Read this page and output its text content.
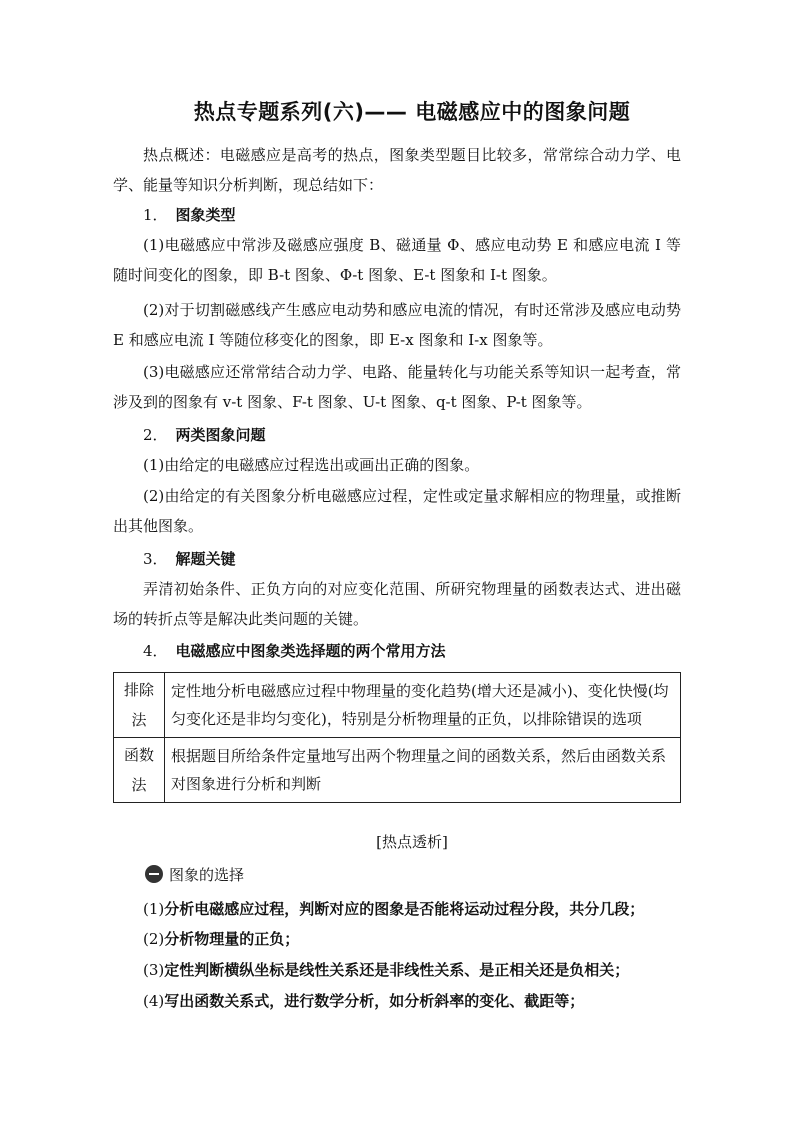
热点专题系列(六)—— 电磁感应中的图象问题
热点概述：电磁感应是高考的热点，图象类型题目比较多，常常综合动力学、电学、能量等知识分析判断，现总结如下：
1． 图象类型
(1)电磁感应中常涉及磁感应强度 B、磁通量 Φ、感应电动势 E 和感应电流 I 等随时间变化的图象，即 B-t 图象、Φ-t 图象、E-t 图象和 I-t 图象。
(2)对于切割磁感线产生感应电动势和感应电流的情况，有时还常涉及感应电动势 E 和感应电流 I 等随位移变化的图象，即 E-x 图象和 I-x 图象等。
(3)电磁感应还常常结合动力学、电路、能量转化与功能关系等知识一起考查，常涉及到的图象有 v-t 图象、F-t 图象、U-t 图象、q-t 图象、P-t 图象等。
2． 两类图象问题
(1)由给定的电磁感应过程选出或画出正确的图象。
(2)由给定的有关图象分析电磁感应过程，定性或定量求解相应的物理量，或推断出其他图象。
3． 解题关键
弄清初始条件、正负方向的对应变化范围、所研究物理量的函数表达式、进出磁场的转折点等是解决此类问题的关键。
4． 电磁感应中图象类选择题的两个常用方法
排除法	定性地分析电磁感应过程中物理量的变化趋势(增大还是减小)、变化快慢(均匀变化还是非均匀变化)，特别是分析物理量的正负，以排除错误的选项
函数法	根据题目所给条件定量地写出两个物理量之间的函数关系，然后由函数关系对图象进行分析和判断
[热点透析]
图象的选择
(1)分析电磁感应过程，判断对应的图象是否能将运动过程分段，共分几段；
(2)分析物理量的正负；
(3)定性判断横纵坐标是线性关系还是非线性关系、是正相关还是负相关；
(4)写出函数关系式，进行数学分析，如分析斜率的变化、截距等；
